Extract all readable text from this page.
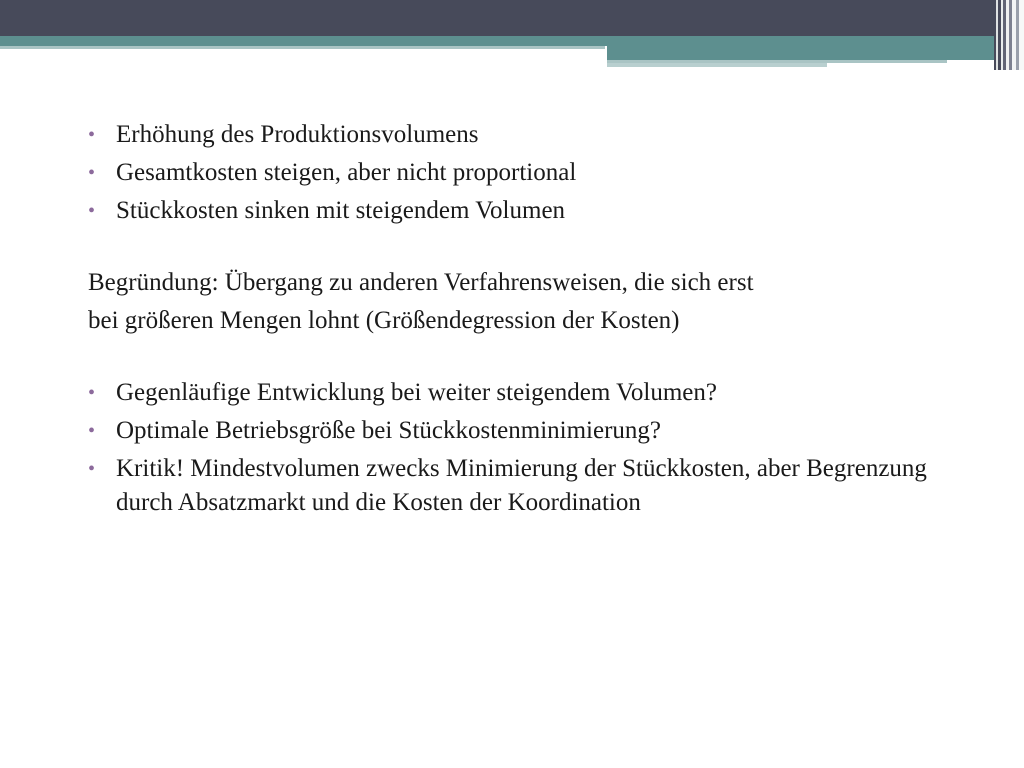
• Erhöhung des Produktionsvolumens
• Gesamtkosten steigen, aber nicht proportional
• Stückkosten sinken mit steigendem Volumen

Begründung: Übergang zu anderen Verfahrensweisen, die sich erst

bei größeren Mengen lohnt (Größendegression der Kosten)

• Gegenläufige Entwicklung bei weiter steigendem Volumen?
• Optimale Betriebsgröße bei Stückkostenminimierung?
• Kritik! Mindestvolumen zwecks Minimierung der Stückkosten, aber Begrenzung durch Absatzmarkt und die Kosten der Koordination
